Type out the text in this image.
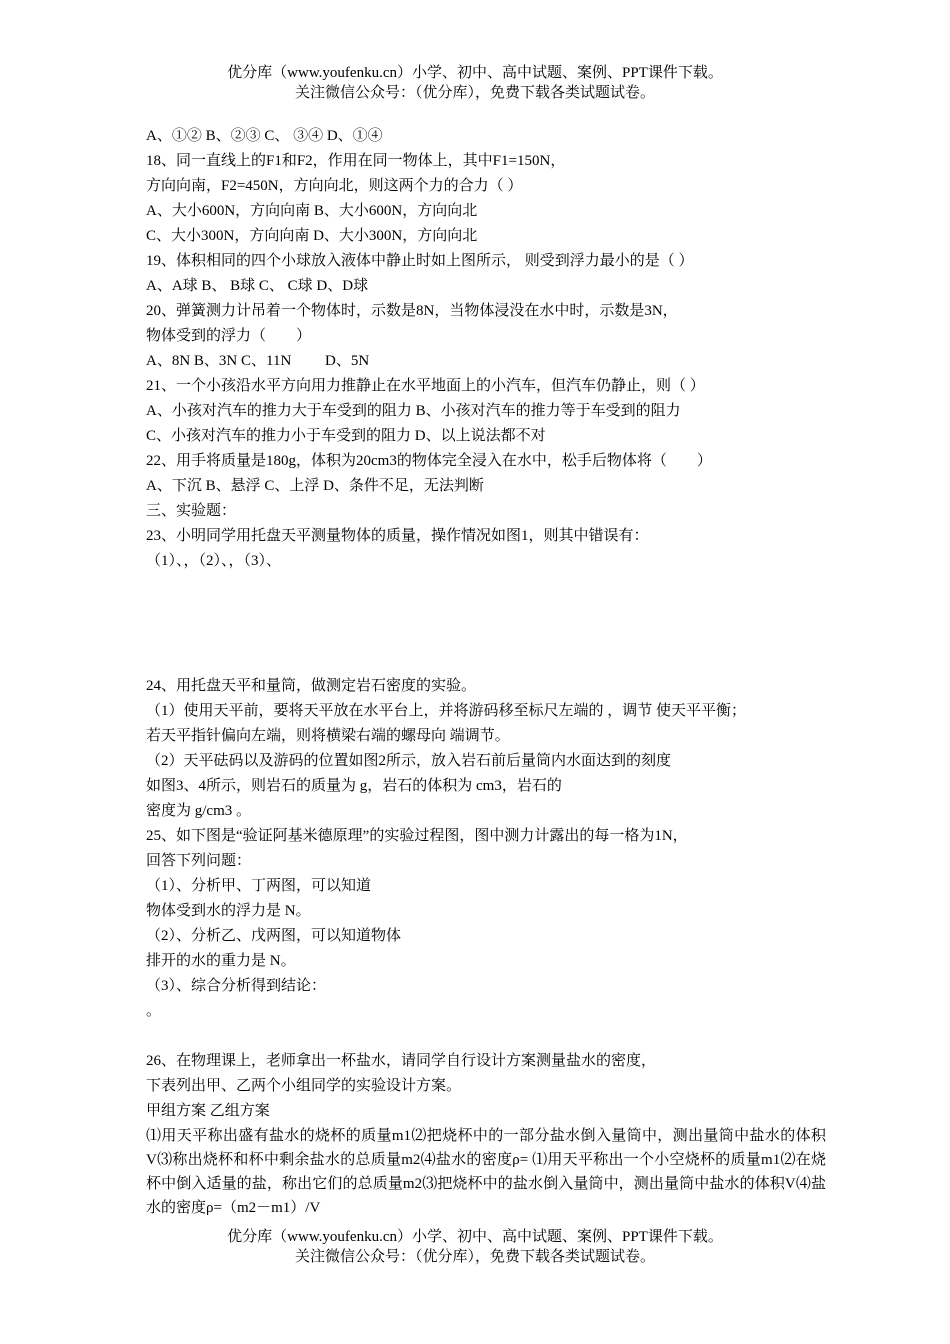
优分库（www.youfenku.cn）小学、初中、高中试题、案例、PPT课件下载。
关注微信公众号：（优分库），免费下载各类试题试卷。
A、①② B、②③ C、 ③④ D、①④
18、同一直线上的F1和F2，作用在同一物体上，其中F1=150N，
方向向南，F2=450N，方向向北，则这两个力的合力（ ）
A、大小600N，方向向南 B、大小600N，方向向北
C、大小300N，方向向南 D、大小300N，方向向北
19、体积相同的四个小球放入液体中静止时如上图所示， 则受到浮力最小的是（ ）
A、A球 B、 B球 C、 C球 D、D球
20、弹簧测力计吊着一个物体时，示数是8N，当物体浸没在水中时，示数是3N，
物体受到的浮力（　　）
A、8N B、3N C、11N 　　D、5N
21、一个小孩沿水平方向用力推静止在水平地面上的小汽车，但汽车仍静止，则（ ）
A、小孩对汽车的推力大于车受到的阻力 B、小孩对汽车的推力等于车受到的阻力
C、小孩对汽车的推力小于车受到的阻力 D、以上说法都不对
22、用手将质量是180g，体积为20cm3的物体完全浸入在水中，松手后物体将（　　）
A、下沉 B、悬浮 C、上浮 D、条件不足，无法判断
三、实验题：
23、小明同学用托盘天平测量物体的质量，操作情况如图1，则其中错误有：
（1）、，（2）、，（3）、
24、用托盘天平和量筒，做测定岩石密度的实验。
（1）使用天平前，要将天平放在水平台上，并将游码移至标尺左端的 ，调节 使天平平衡；
若天平指针偏向左端，则将横梁右端的螺母向 端调节。
（2）天平砝码以及游码的位置如图2所示，放入岩石前后量筒内水面达到的刻度
如图3、4所示，则岩石的质量为 g，岩石的体积为 cm3，岩石的
密度为 g/cm3 。
25、如下图是“验证阿基米德原理”的实验过程图，图中测力计露出的每一格为1N，
回答下列问题：
（1）、分析甲、丁两图，可以知道
物体受到水的浮力是 N。
（2）、分析乙、戊两图，可以知道物体
排开的水的重力是 N。
（3）、综合分析得到结论：
。
26、在物理课上，老师拿出一杯盐水，请同学自行设计方案测量盐水的密度，
下表列出甲、乙两个小组同学的实验设计方案。
甲组方案 乙组方案
⑴用天平称出盛有盐水的烧杯的质量m1⑵把烧杯中的一部分盐水倒入量筒中，测出量筒中盐水的体积V⑶称出烧杯和杯中剩余盐水的总质量m2⑷盐水的密度ρ= ⑴用天平称出一个小空烧杯的质量m1⑵在烧杯中倒入适量的盐，称出它们的总质量m2⑶把烧杯中的盐水倒入量筒中，测出量筒中盐水的体积V⑷盐水的密度ρ=（m2－m1）/V
优分库（www.youfenku.cn）小学、初中、高中试题、案例、PPT课件下载。
关注微信公众号：（优分库），免费下载各类试题试卷。
